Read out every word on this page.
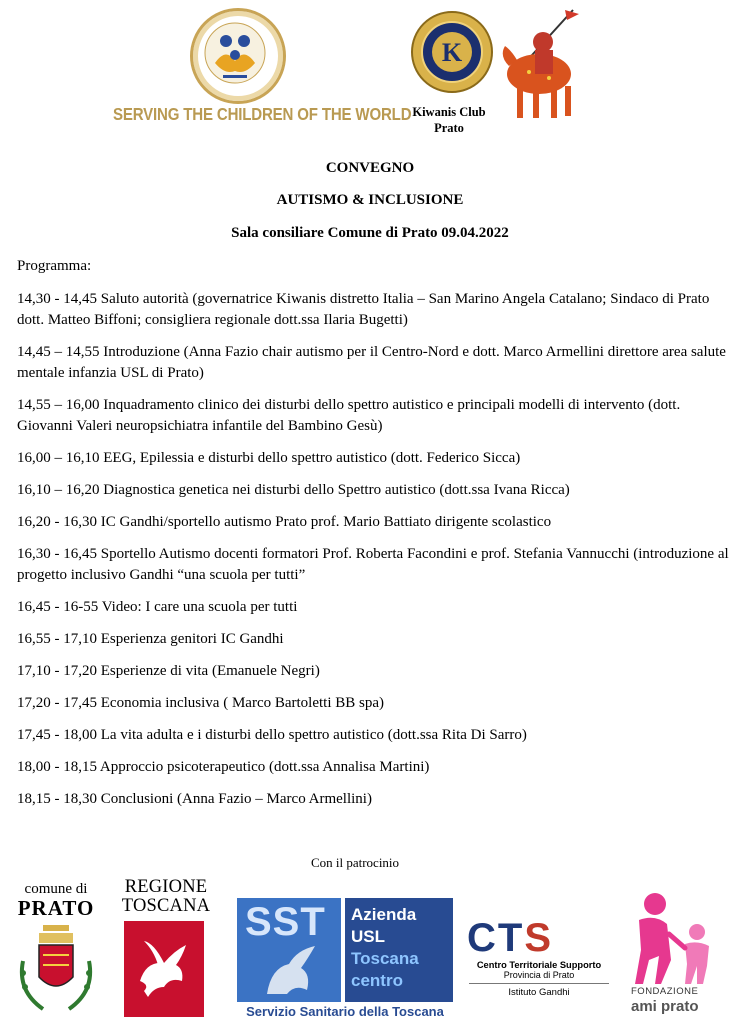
SERVING THE CHILDREN OF THE WORLD
K
Kiwanis Club
Prato
CONVEGNO
AUTISMO & INCLUSIONE
Sala consiliare Comune di Prato 09.04.2022
Programma:
14,30 - 14,45 Saluto autorità (governatrice Kiwanis distretto Italia – San Marino Angela Catalano; Sindaco di Prato dott. Matteo Biffoni; consigliera regionale dott.ssa Ilaria Bugetti)
14,45 – 14,55 Introduzione (Anna Fazio chair autismo per il Centro-Nord e dott. Marco Armellini direttore area salute mentale infanzia USL di Prato)
14,55 – 16,00 Inquadramento clinico dei disturbi dello spettro autistico e principali modelli di intervento (dott. Giovanni Valeri neuropsichiatra infantile del Bambino Gesù)
16,00 – 16,10 EEG, Epilessia e disturbi dello spettro autistico (dott. Federico Sicca)
16,10 – 16,20 Diagnostica genetica nei disturbi dello Spettro autistico (dott.ssa Ivana Ricca)
16,20 - 16,30 IC Gandhi/sportello autismo Prato prof. Mario Battiato dirigente scolastico
16,30 - 16,45 Sportello Autismo docenti formatori Prof. Roberta Facondini e prof. Stefania Vannucchi (introduzione al progetto inclusivo Gandhi “una scuola per tutti”
16,45 - 16-55 Video: I care una scuola per tutti
16,55 - 17,10 Esperienza genitori IC Gandhi
17,10 - 17,20 Esperienze di vita (Emanuele Negri)
17,20 - 17,45 Economia inclusiva ( Marco Bartoletti BB spa)
17,45 - 18,00 La vita adulta e i disturbi dello spettro autistico (dott.ssa Rita Di Sarro)
18,00 - 18,15 Approccio psicoterapeutico (dott.ssa Annalisa Martini)
18,15 - 18,30 Conclusioni (Anna Fazio – Marco Armellini)
Con il patrocinio
comune di
PRATO
REGIONE
TOSCANA SST Azienda
USL
Toscana
centro
Servizio Sanitario della Toscana
CTS
Centro Territoriale Supporto
Provincia di Prato
Istituto Gandhi	FONDAZIONE
ami prato
